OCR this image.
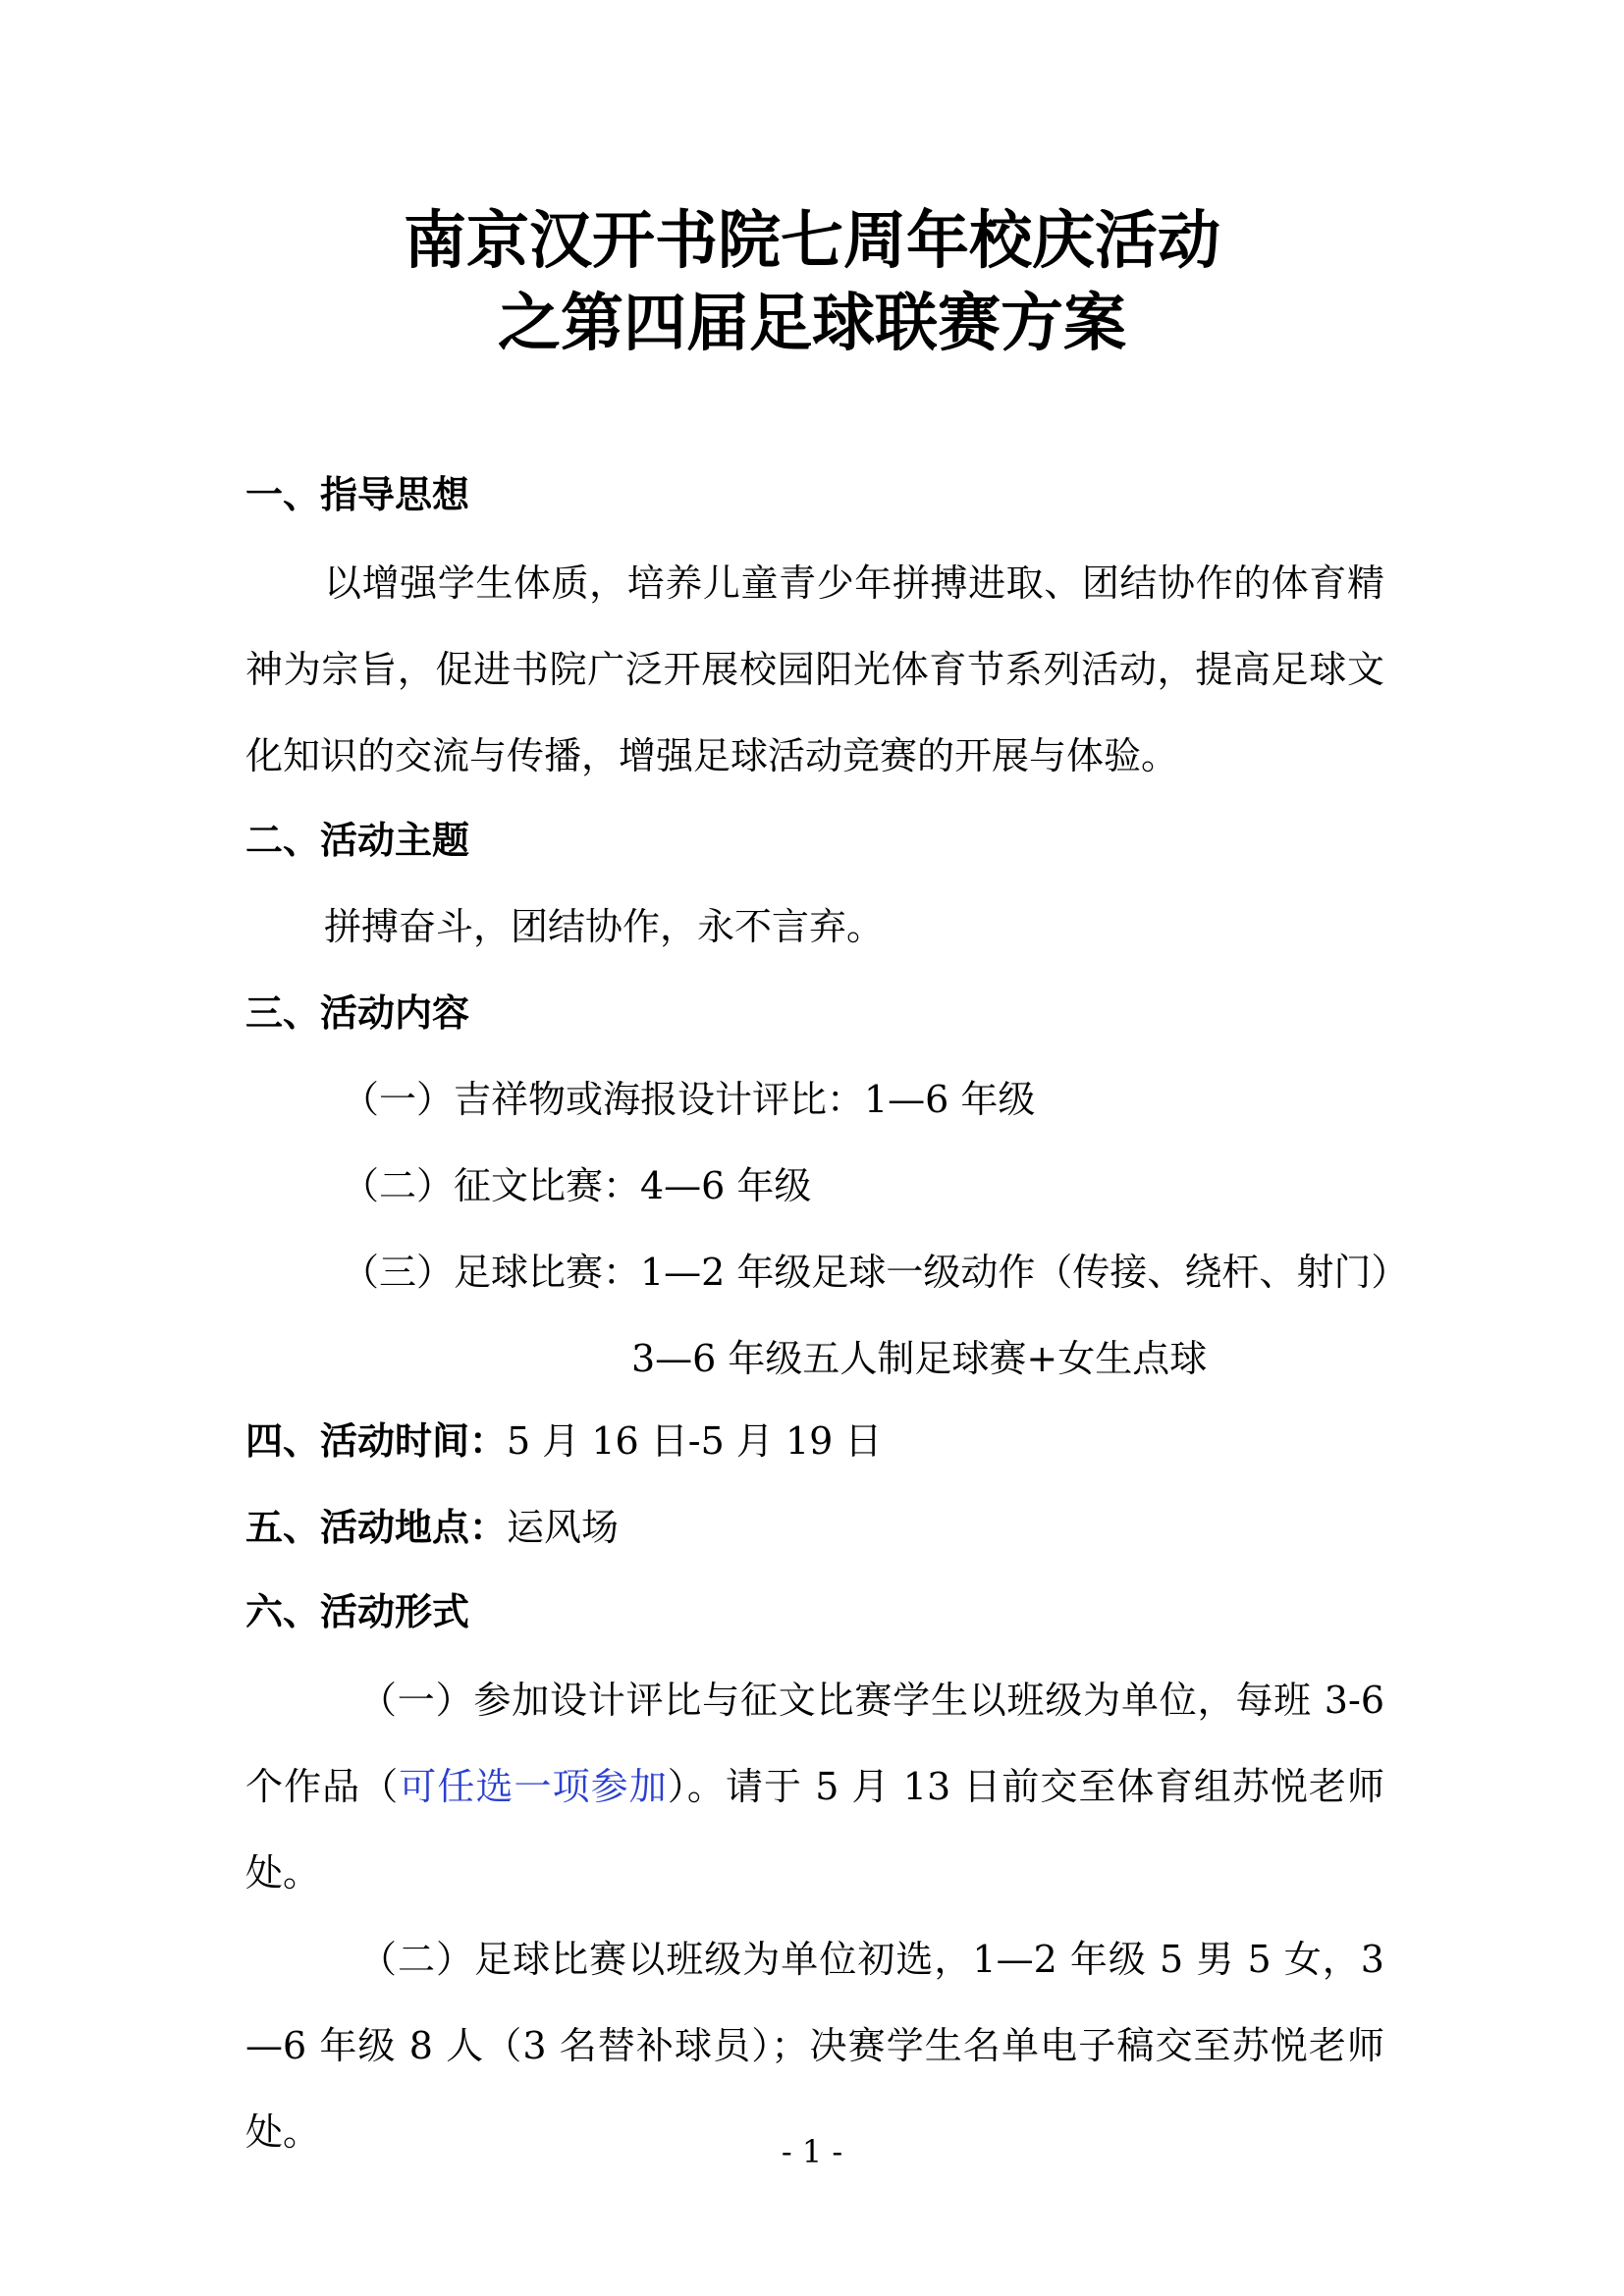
南京汉开书院七周年校庆活动
之第四届足球联赛方案
一、指导思想

以增强学生体质，培养儿童青少年拼搏进取、团结协作的体育精神为宗旨，促进书院广泛开展校园阳光体育节系列活动，提高足球文化知识的交流与传播，增强足球活动竞赛的开展与体验。

二、活动主题

拼搏奋斗，团结协作，永不言弃。

三、活动内容

（一）吉祥物或海报设计评比：1—6 年级

（二）征文比赛：4—6 年级

（三）足球比赛：1—2 年级足球一级动作（传接、绕杆、射门）

3—6 年级五人制足球赛+女生点球

四、活动时间：5 月 16 日-5 月 19 日
五、活动地点：运风场
六、活动形式

（一）参加设计评比与征文比赛学生以班级为单位，每班 3-6 个作品（可任选一项参加）。请于 5 月 13 日前交至体育组苏悦老师处。

（二）足球比赛以班级为单位初选，1—2 年级 5 男 5 女，3—6 年级 8 人（3 名替补球员）；决赛学生名单电子稿交至苏悦老师处。	- 1 -
